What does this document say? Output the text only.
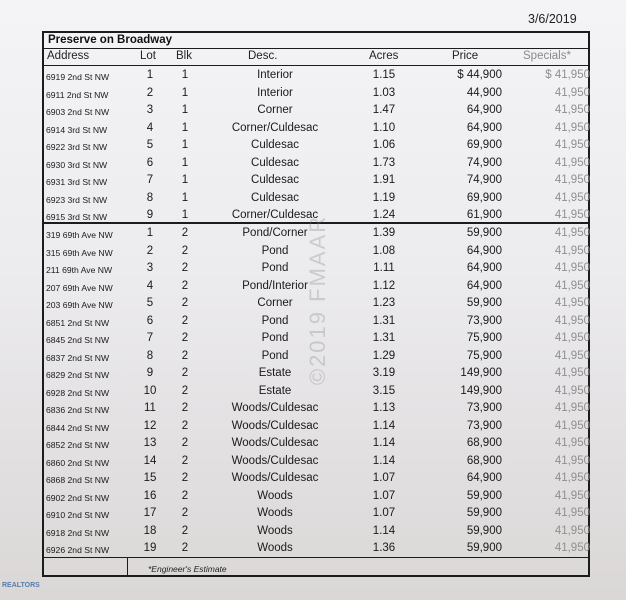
3/6/2019
Preserve on Broadway
Address	Lot Blk	Desc.	Acres	Price	Specials*
6919 2nd St NW	1	1	Interior	1.15	$ 44,900	$ 41,950
6911 2nd St NW	2	1	Interior	1.03	44,900	41,950
6903 2nd St NW	3	1	Corner	1.47	64,900	41,950
6914 3rd St NW	4	1	Corner/Culdesac	1.10	64,900	41,950
6922 3rd St NW	5	1	Culdesac	1.06	69,900	41,950
6930 3rd St NW	6	1	Culdesac	1.73	74,900	41,950
6931 3rd St NW	7	1	Culdesac	1.91	74,900	41,950
6923 3rd St NW	8	1	Culdesac	1.19	69,900	41,950
6915 3rd St NW	9	1	Corner/Culdesac	1.24	61,900	41,950
319 69th Ave NW	1	2	Pond/Corner	1.39	59,900	41,950
315 69th Ave NW	2	2	Pond	1.08	64,900	41,950
211 69th Ave NW	3	2	Pond	1.11	64,900	41,950
207 69th Ave NW	4	2	Pond/Interior	1.12	64,900	41,950
203 69th Ave NW	5	2	Corner	1.23	59,900	41,950
6851 2nd St NW	6	2	Pond	1.31	73,900	41,950
6845 2nd St NW	7	2	Pond	1.31	75,900	41,950
6837 2nd St NW	8	2	Pond	1.29	75,900	41,950
6829 2nd St NW	9	2	Estate	3.19	149,900	41,950
6928 2nd St NW	10	2	Estate	3.15	149,900	41,950
6836 2nd St NW	11	2	Woods/Culdesac	1.13	73,900	41,950
6844 2nd St NW	12	2	Woods/Culdesac	1.14	73,900	41,950
6852 2nd St NW	13	2	Woods/Culdesac	1.14	68,900	41,950
6860 2nd St NW	14	2	Woods/Culdesac	1.14	68,900	41,950
6868 2nd St NW	15	2	Woods/Culdesac	1.07	64,900	41,950
6902 2nd St NW	16	2	Woods	1.07	59,900	41,950
6910 2nd St NW	17	2	Woods	1.07	59,900	41,950
6918 2nd St NW	18	2	Woods	1.14	59,900	41,950
6926 2nd St NW	19	2	Woods	1.36	59,900	41,950
*Engineer's Estimate
©2019 FMAAR
REALTORS
